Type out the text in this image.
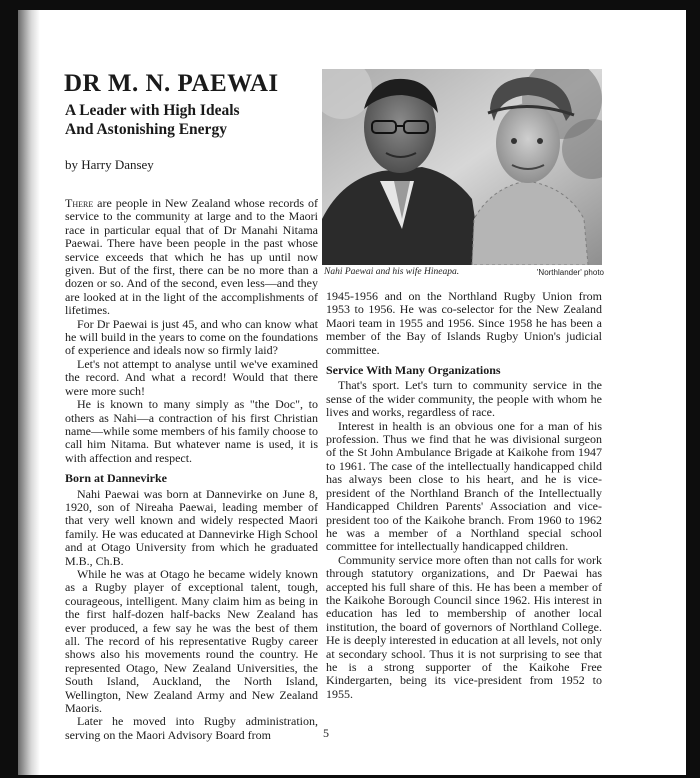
DR M. N. PAEWAI
A Leader with High Ideals
And Astonishing Energy
by Harry Dansey
Nahi Paewai and his wife Hineapa.	'Northlander' photo

There are people in New Zealand whose records of service to the community at large and to the Maori race in particular equal that of Dr Manahi Nitama Paewai. There have been people in the past whose service exceeds that which he has up until now given. But of the first, there can be no more than a dozen or so. And of the second, even less—and they are looked at in the light of the accomplishments of lifetimes.

For Dr Paewai is just 45, and who can know what he will build in the years to come on the foundations of experience and ideals now so firmly laid?

Let's not attempt to analyse until we've examined the record. And what a record! Would that there were more such!

He is known to many simply as "the Doc", to others as Nahi—a contraction of his first Christian name—while some members of his family choose to call him Nitama. But whatever name is used, it is with affection and respect.

Born at Dannevirke

Nahi Paewai was born at Dannevirke on June 8, 1920, son of Nireaha Paewai, leading member of that very well known and widely respected Maori family. He was educated at Dannevirke High School and at Otago University from which he graduated M.B., Ch.B.

While he was at Otago he became widely known as a Rugby player of exceptional talent, tough, courageous, intelligent. Many claim him as being in the first half-dozen half-backs New Zealand has ever produced, a few say he was the best of them all. The record of his representative Rugby career shows also his movements round the country. He represented Otago, New Zealand Universities, the South Island, Auckland, the North Island, Wellington, New Zealand Army and New Zealand Maoris.

Later he moved into Rugby administration, serving on the Maori Advisory Board from

1945-1956 and on the Northland Rugby Union from 1953 to 1956. He was co-selector for the New Zealand Maori team in 1955 and 1956. Since 1958 he has been a member of the Bay of Islands Rugby Union's judicial committee.

Service With Many Organizations

That's sport. Let's turn to community service in the sense of the wider community, the people with whom he lives and works, regardless of race.

Interest in health is an obvious one for a man of his profession. Thus we find that he was divisional surgeon of the St John Ambulance Brigade at Kaikohe from 1947 to 1961. The case of the intellectually handicapped child has always been close to his heart, and he is vice-president of the Northland Branch of the Intellectually Handicapped Children Parents' Association and vice-president too of the Kaikohe branch. From 1960 to 1962 he was a member of a Northland special school committee for intellectually handicapped children.

Community service more often than not calls for work through statutory organizations, and Dr Paewai has accepted his full share of this. He has been a member of the Kaikohe Borough Council since 1962. His interest in education has led to membership of another local institution, the board of governors of Northland College. He is deeply interested in education at all levels, not only at secondary school. Thus it is not surprising to see that he is a strong supporter of the Kaikohe Free Kindergarten, being its vice-president from 1952 to 1955.

5
